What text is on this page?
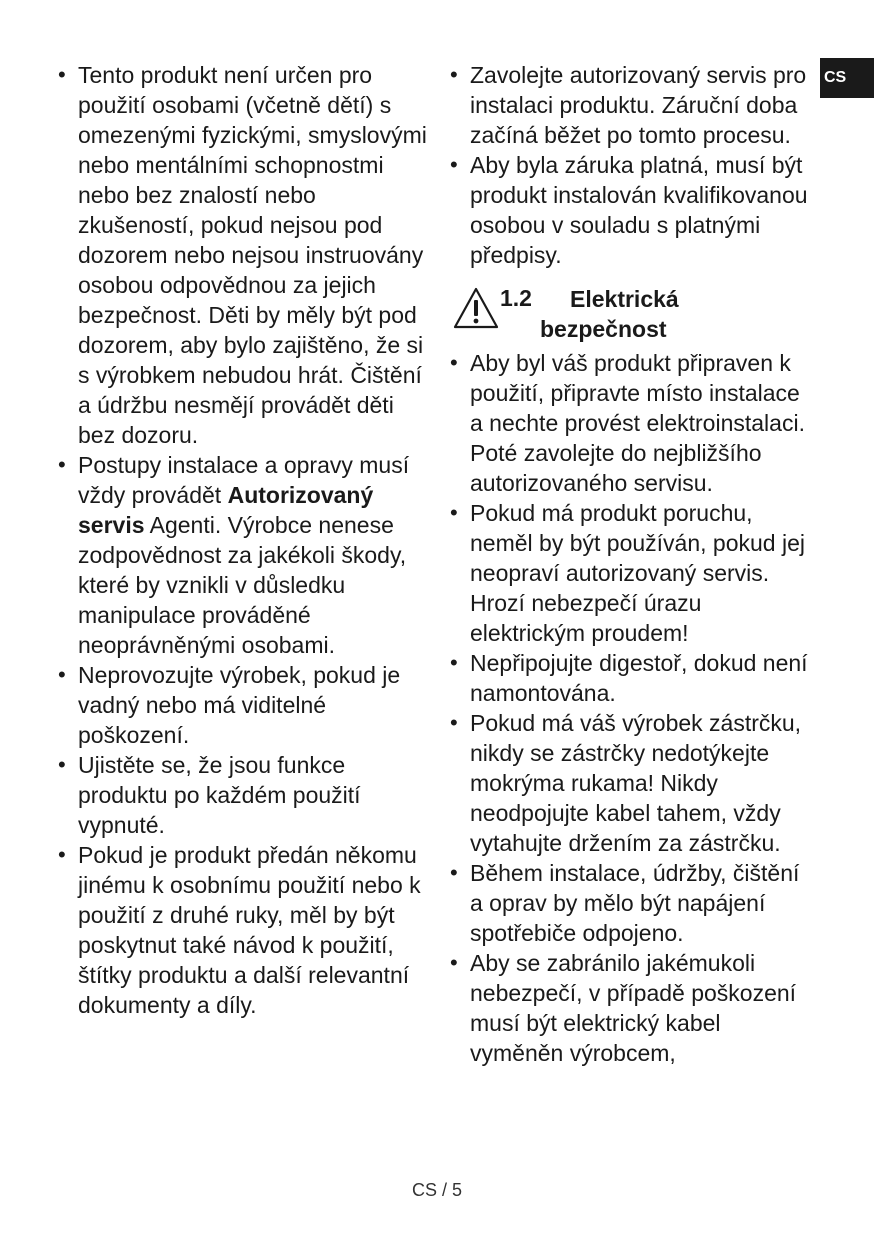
CS
• Tento produkt není určen pro použití osobami (včetně dětí) s omezenými fyzickými, smyslovými nebo mentálními schopnostmi nebo bez znalostí nebo zkušeností, pokud nejsou pod dozorem nebo nejsou instruovány osobou odpovědnou za jejich bezpečnost. Děti by měly být pod dozorem, aby bylo zajištěno, že si s výrobkem nebudou hrát. Čištění a údržbu nesmějí provádět děti bez dozoru.
• Postupy instalace a opravy musí vždy provádět Autorizovaný servis Agenti. Výrobce nenese zodpovědnost za jakékoli škody, které by vznikli v důsledku manipulace prováděné neoprávněnými osobami.
• Neprovozujte výrobek, pokud je vadný nebo má viditelné poškození.
• Ujistěte se, že jsou funkce produktu po každém použití vypnuté.
• Pokud je produkt předán někomu jinému k osobnímu použití nebo k použití z druhé ruky, měl by být poskytnut také návod k použití, štítky produktu a další relevantní dokumenty a díly.
• Zavolejte autorizovaný servis pro instalaci produktu. Záruční doba začíná běžet po tomto procesu.
• Aby byla záruka platná, musí být produkt instalován kvalifikovanou osobou v souladu s platnými předpisy.
1.2	Elektrická bezpečnost
• Aby byl váš produkt připraven k použití, připravte místo instalace a nechte provést elektroinstalaci. Poté zavolejte do nejbližšího autorizovaného servisu.
• Pokud má produkt poruchu, neměl by být používán, pokud jej neopraví autorizovaný servis. Hrozí nebezpečí úrazu elektrickým proudem!
• Nepřipojujte digestoř, dokud není namontována.
• Pokud má váš výrobek zástrčku, nikdy se zástrčky nedotýkejte mokrýma rukama! Nikdy neodpojujte kabel tahem, vždy vytahujte držením za zástrčku.
• Během instalace, údržby, čištění a oprav by mělo být napájení spotřebiče odpojeno.
• Aby se zabránilo jakémukoli nebezpečí, v případě poškození musí být elektrický kabel vyměněn výrobcem,
CS / 5
